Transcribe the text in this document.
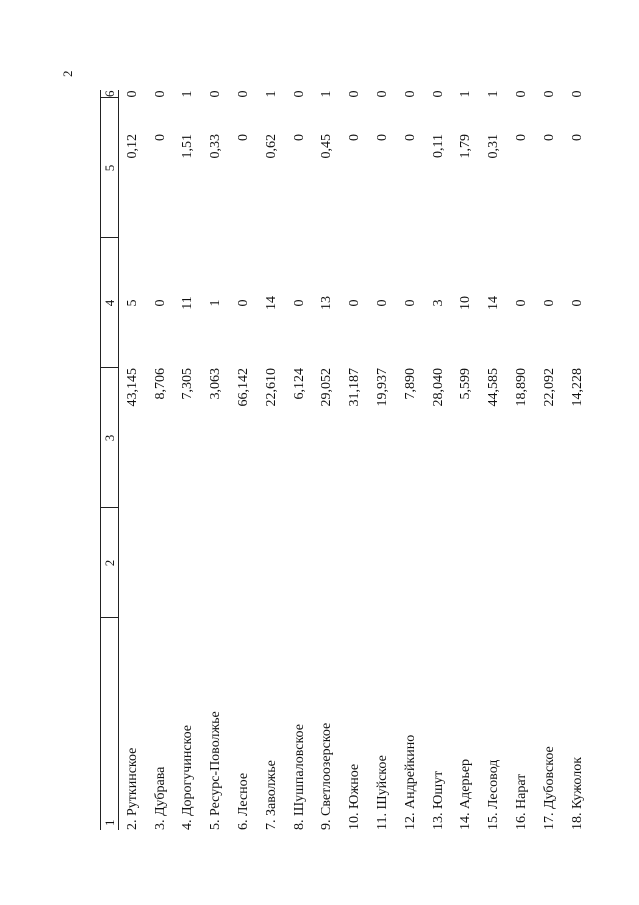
2
1	2	3	4	5	6
2. Руткинское		43,145	5	0,12	0
3. Дубрава		8,706	0	0	0
4. Дорогучинское		7,305	11	1,51	1
5. Ресурс-Поволжье		3,063	1	0,33	0
6. Лесное		66,142	0	0	0
7. Заволжье		22,610	14	0,62	1
8. Шушпаловское		6,124	0	0	0
9. Светлоозерское		29,052	13	0,45	1
10. Южное		31,187	0	0	0
11. Шуйское		19,937	0	0	0
12. Андрейкино		7,890	0	0	0
13. Юшут		28,040	3	0,11	0
14. Адерьер		5,599	10	1,79	1
15. Лесовод		44,585	14	0,31	1
16. Нарат		18,890	0	0	0
17. Дубовское		22,092	0	0	0
18. Кужолок		14,228	0	0	0
